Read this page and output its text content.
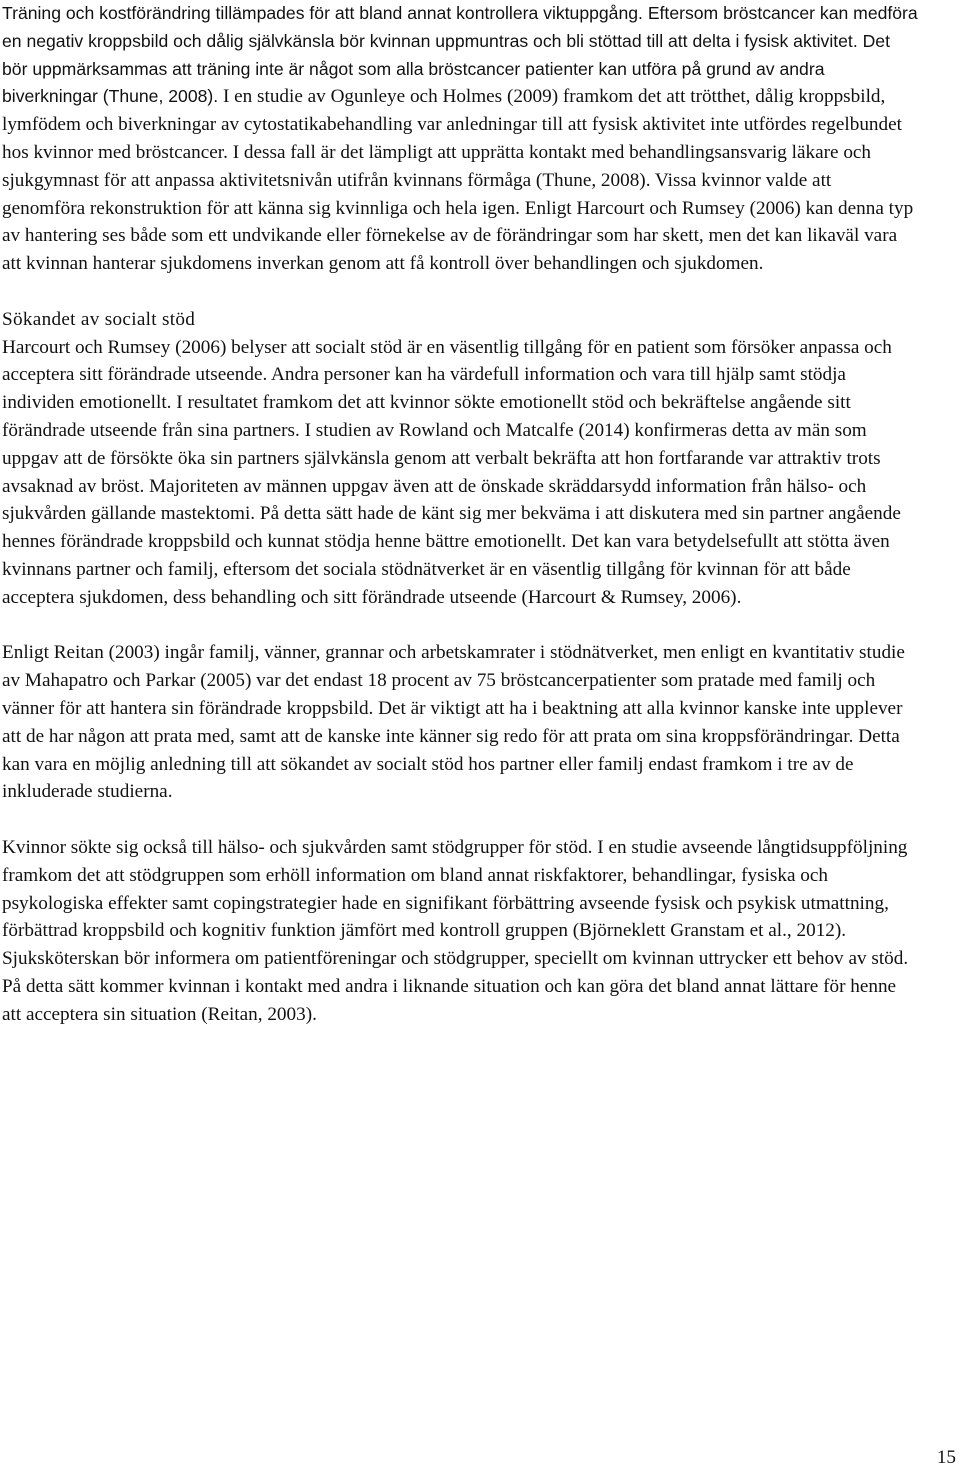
Träning och kostförändring tillämpades för att bland annat kontrollera viktuppgång. Eftersom bröstcancer kan medföra en negativ kroppsbild och dålig självkänsla bör kvinnan uppmuntras och bli stöttad till att delta i fysisk aktivitet. Det bör uppmärksammas att träning inte är något som alla bröstcancer patienter kan utföra på grund av andra biverkningar (Thune, 2008). I en studie av Ogunleye och Holmes (2009) framkom det att trötthet, dålig kroppsbild, lymfödem och biverkningar av cytostatikabehandling var anledningar till att fysisk aktivitet inte utfördes regelbundet hos kvinnor med bröstcancer. I dessa fall är det lämpligt att upprätta kontakt med behandlingsansvarig läkare och sjukgymnast för att anpassa aktivitetsnivån utifrån kvinnans förmåga (Thune, 2008). Vissa kvinnor valde att genomföra rekonstruktion för att känna sig kvinnliga och hela igen. Enligt Harcourt och Rumsey (2006) kan denna typ av hantering ses både som ett undvikande eller förnekelse av de förändringar som har skett, men det kan likaväl vara att kvinnan hanterar sjukdomens inverkan genom att få kontroll över behandlingen och sjukdomen.

Sökandet av socialt stöd

Harcourt och Rumsey (2006) belyser att socialt stöd är en väsentlig tillgång för en patient som försöker anpassa och acceptera sitt förändrade utseende. Andra personer kan ha värdefull information och vara till hjälp samt stödja individen emotionellt. I resultatet framkom det att kvinnor sökte emotionellt stöd och bekräftelse angående sitt förändrade utseende från sina partners. I studien av Rowland och Matcalfe (2014) konfirmeras detta av män som uppgav att de försökte öka sin partners självkänsla genom att verbalt bekräfta att hon fortfarande var attraktiv trots avsaknad av bröst. Majoriteten av männen uppgav även att de önskade skräddarsydd information från hälso- och sjukvården gällande mastektomi. På detta sätt hade de känt sig mer bekväma i att diskutera med sin partner angående hennes förändrade kroppsbild och kunnat stödja henne bättre emotionellt. Det kan vara betydelsefullt att stötta även kvinnans partner och familj, eftersom det sociala stödnätverket är en väsentlig tillgång för kvinnan för att både acceptera sjukdomen, dess behandling och sitt förändrade utseende (Harcourt & Rumsey, 2006).

Enligt Reitan (2003) ingår familj, vänner, grannar och arbetskamrater i stödnätverket, men enligt en kvantitativ studie av Mahapatro och Parkar (2005) var det endast 18 procent av 75 bröstcancerpatienter som pratade med familj och vänner för att hantera sin förändrade kroppsbild. Det är viktigt att ha i beaktning att alla kvinnor kanske inte upplever att de har någon att prata med, samt att de kanske inte känner sig redo för att prata om sina kroppsförändringar. Detta kan vara en möjlig anledning till att sökandet av socialt stöd hos partner eller familj endast framkom i tre av de inkluderade studierna.

Kvinnor sökte sig också till hälso- och sjukvården samt stödgrupper för stöd. I en studie avseende långtidsuppföljning framkom det att stödgruppen som erhöll information om bland annat riskfaktorer, behandlingar, fysiska och psykologiska effekter samt copingstrategier hade en signifikant förbättring avseende fysisk och psykisk utmattning, förbättrad kroppsbild och kognitiv funktion jämfört med kontroll gruppen (Björneklett Granstam et al., 2012). Sjuksköterskan bör informera om patientföreningar och stödgrupper, speciellt om kvinnan uttrycker ett behov av stöd. På detta sätt kommer kvinnan i kontakt med andra i liknande situation och kan göra det bland annat lättare för henne att acceptera sin situation (Reitan, 2003).

15
